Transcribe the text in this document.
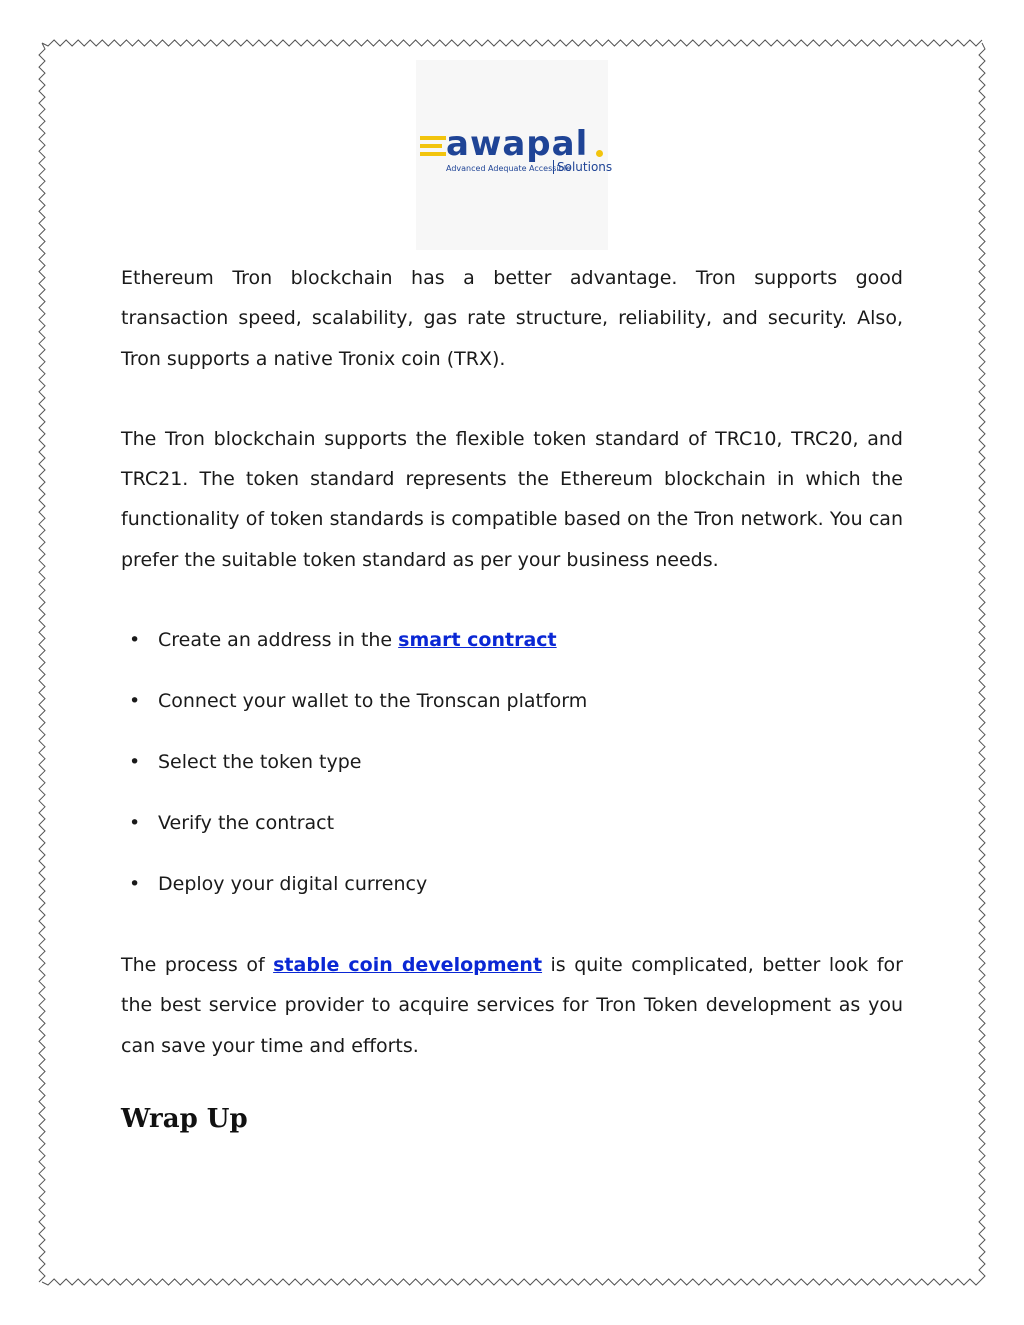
awapal
Advanced Adequate Accessible
Solutions

Ethereum Tron blockchain has a better advantage. Tron supports good transaction speed, scalability, gas rate structure, reliability, and security. Also, Tron supports a native Tronix coin (TRX).

The Tron blockchain supports the flexible token standard of TRC10, TRC20, and TRC21. The token standard represents the Ethereum blockchain in which the functionality of token standards is compatible based on the Tron network. You can prefer the suitable token standard as per your business needs.

• Create an address in the smart contract
• Connect your wallet to the Tronscan platform
• Select the token type
• Verify the contract
• Deploy your digital currency

The process of stable coin development is quite complicated, better look for the best service provider to acquire services for Tron Token development as you can save your time and efforts.

Wrap Up
